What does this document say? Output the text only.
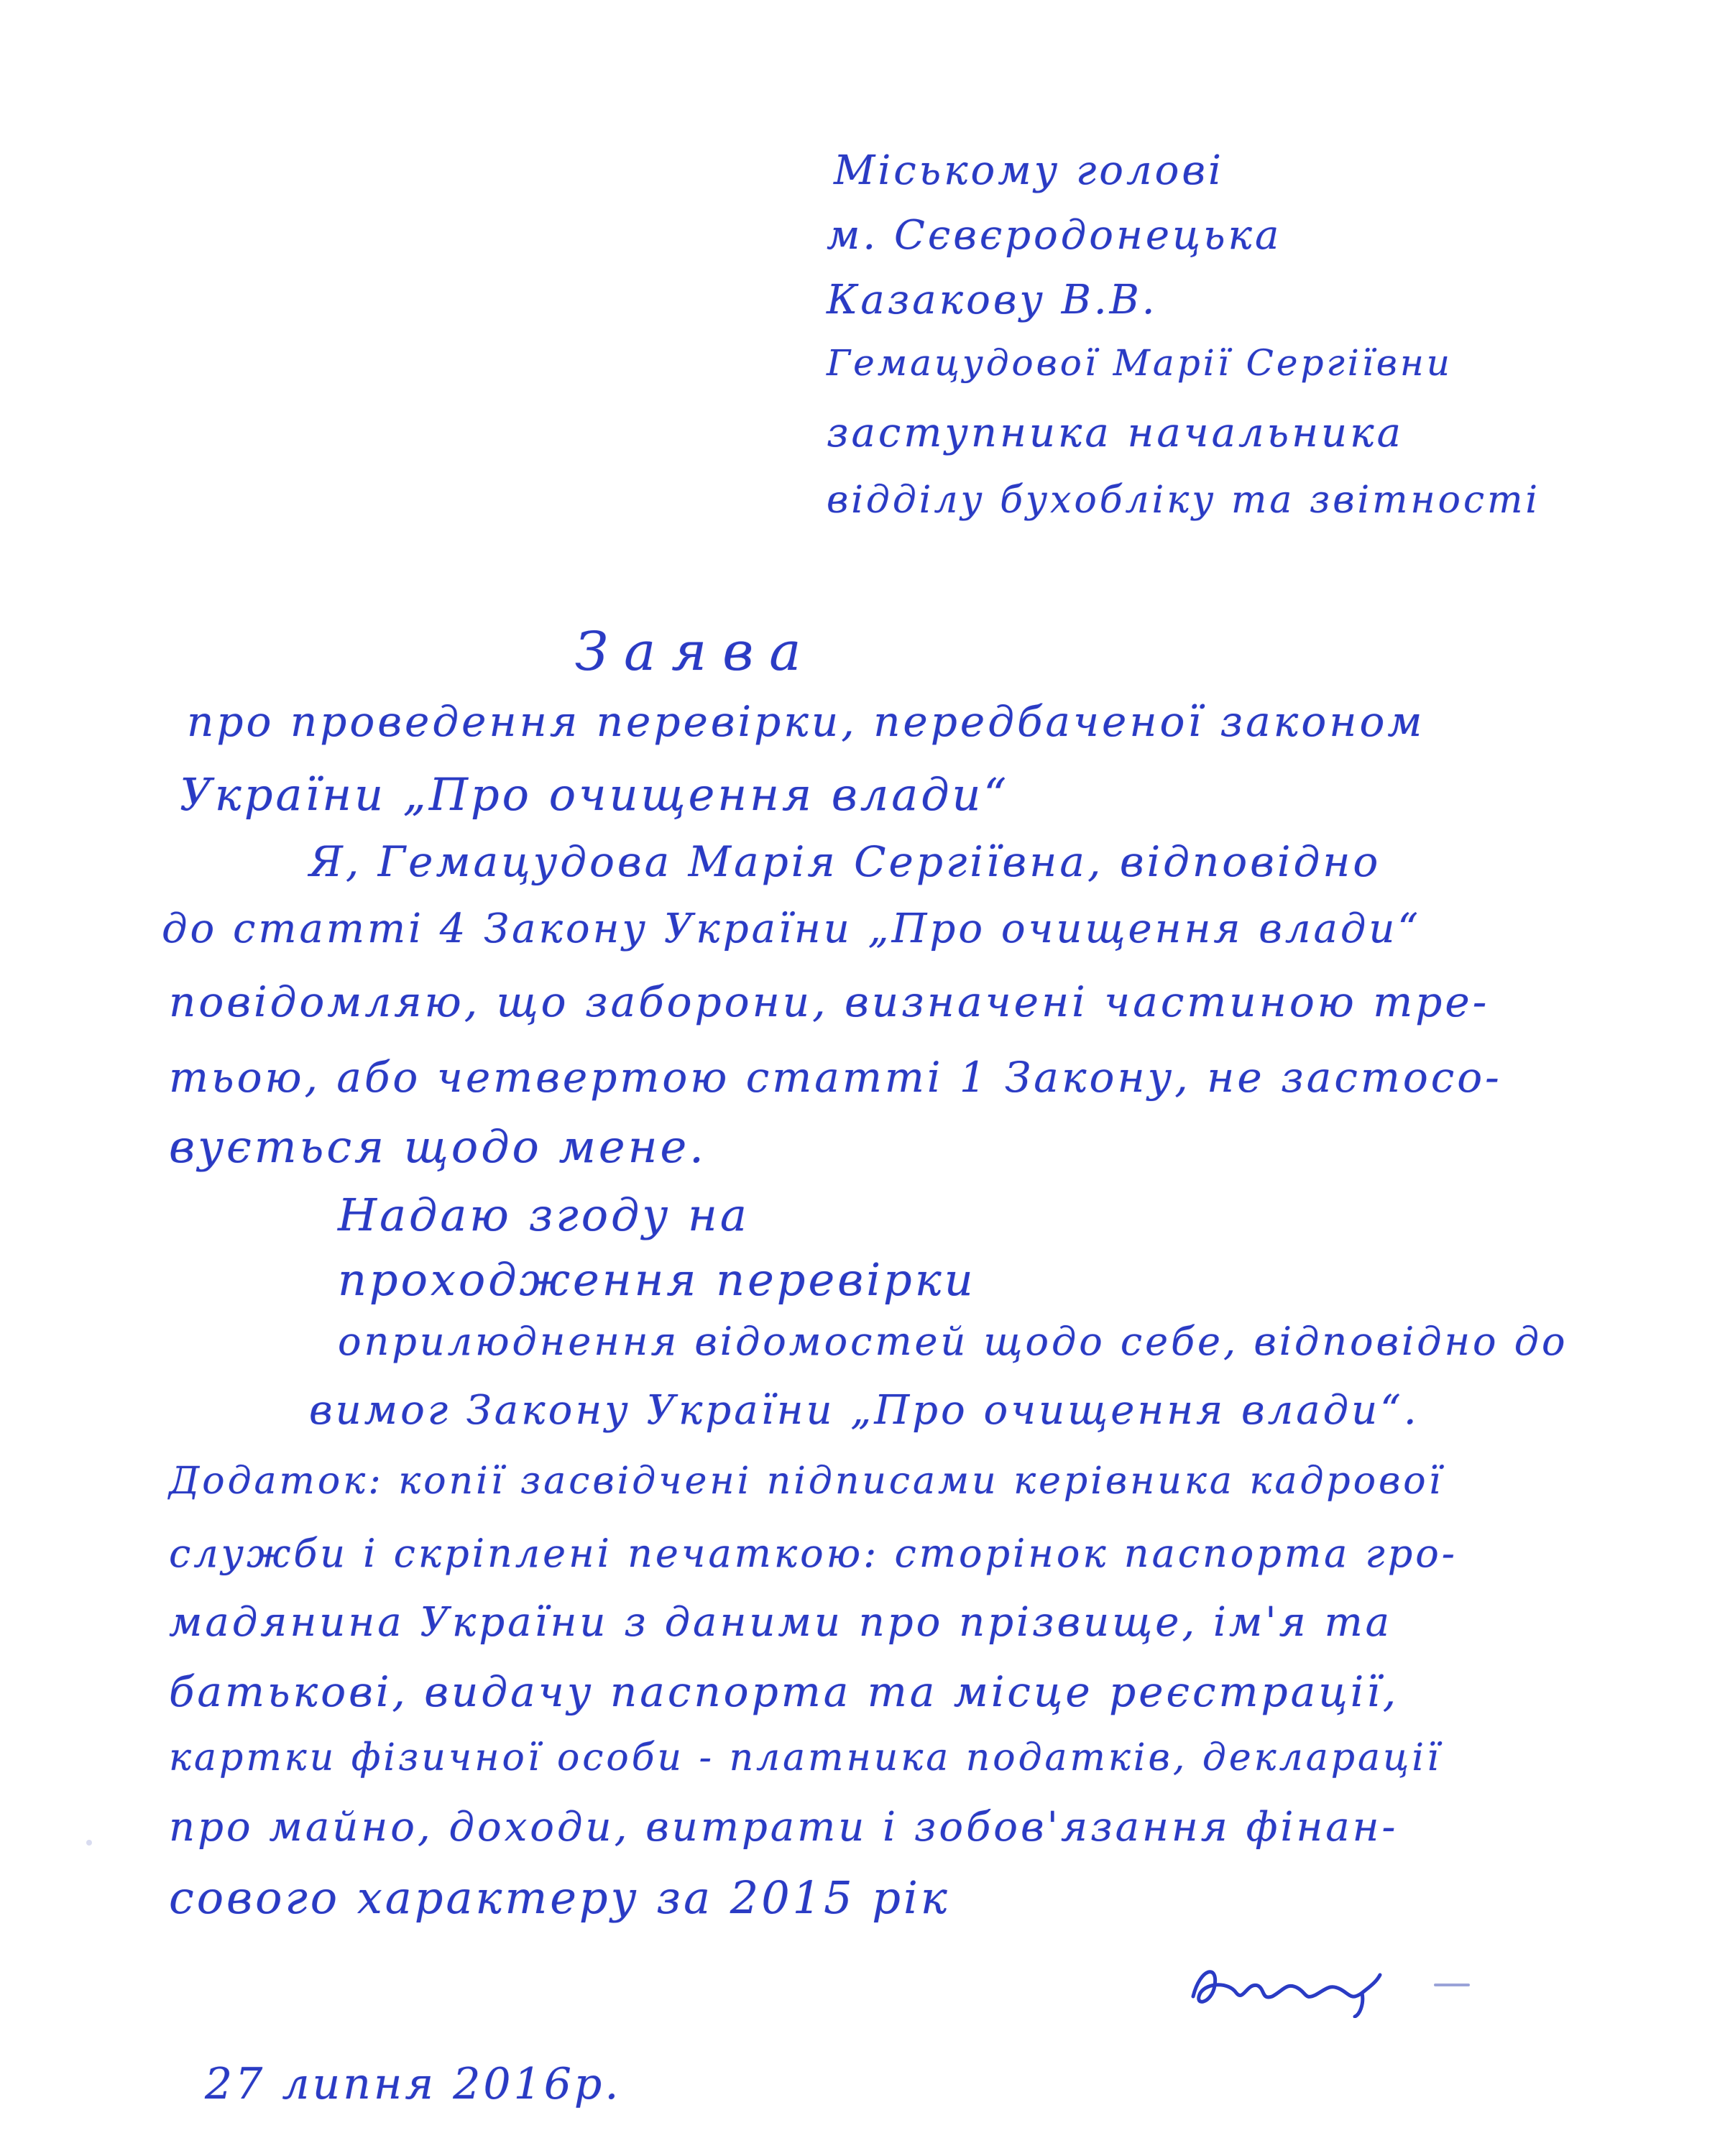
Міському голові
м. Сєвєродонецька
Казакову В.В.
Гемацудової Марії Сергіївни
заступника начальника
відділу бухобліку та звітності
Заява
про проведення перевірки, передбаченої законом
України „Про очищення влади“
Я, Гемацудова Марія Сергіївна, відповідно
до статті 4 Закону України „Про очищення влади“
повідомляю, що заборони, визначені частиною тре-
тьою, або четвертою статті 1 Закону, не застосо-
вується щодо мене.
Надаю згоду на
проходження перевірки
оприлюднення відомостей щодо себе, відповідно до
вимог Закону України „Про очищення влади“.
Додаток: копії засвідчені підписами керівника кадрової
служби і скріплені печаткою: сторінок паспорта гро-
мадянина України з даними про прізвище, ім'я та
батькові, видачу паспорта та місце реєстрації,
картки фізичної особи - платника податків, декларації
про майно, доходи, витрати і зобов'язання фінан-
сового характеру за 2015 рік
27 липня 2016р.
